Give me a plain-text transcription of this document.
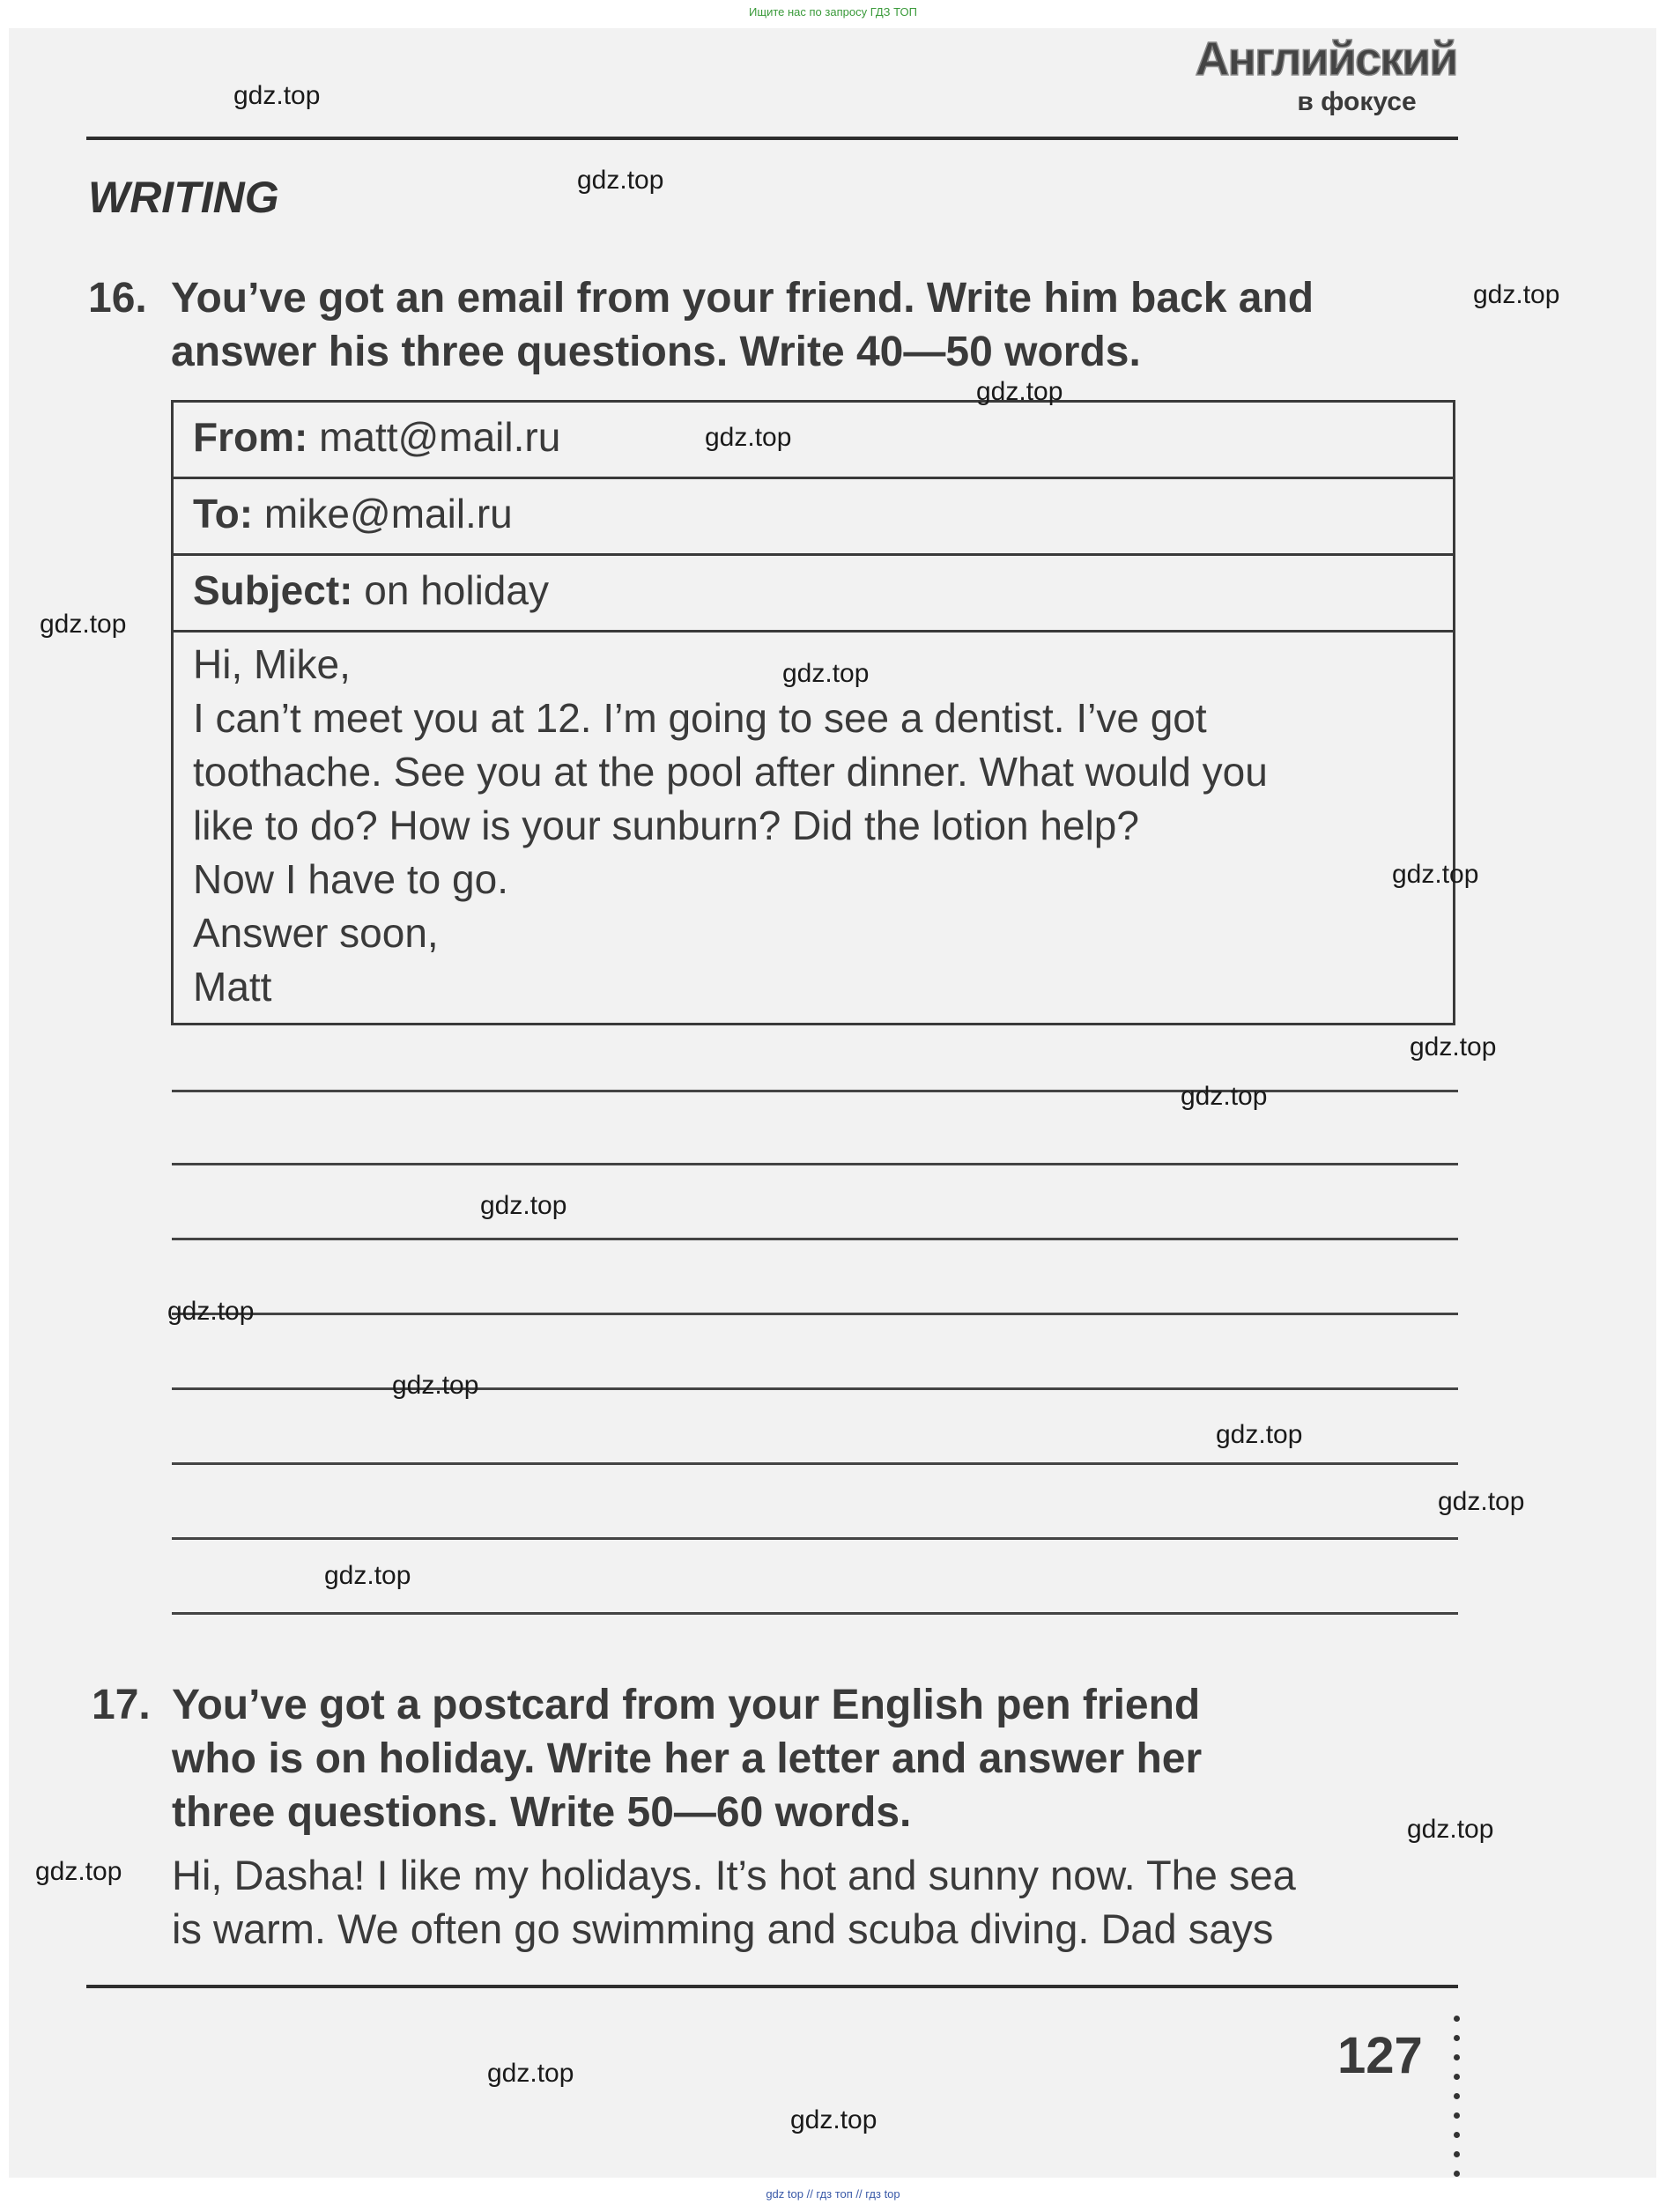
Ищите нас по запросу ГДЗ ТОП
Английский
в фокусе
WRITING
16. You’ve got an email from your friend. Write him back and
answer his three questions. Write 40—50 words.
From: matt@mail.ru
To: mike@mail.ru
Subject: on holiday
Hi, Mike,
I can’t meet you at 12. I’m going to see a dentist. I’ve got
toothache. See you at the pool after dinner. What would you
like to do? How is your sunburn? Did the lotion help?
Now I have to go.
Answer soon,
Matt
17. You’ve got a postcard from your English pen friend
who is on holiday. Write her a letter and answer her
three questions. Write 50—60 words.
Hi, Dasha! I like my holidays. It’s hot and sunny now. The sea
is warm. We often go swimming and scuba diving. Dad says
127
gdz.top
gdz.top
gdz.top
gdz.top
gdz.top
gdz.top
gdz.top
gdz.top
gdz.top
gdz.top
gdz.top
gdz.top
gdz.top
gdz.top
gdz.top
gdz.top
gdz.top
gdz.top
gdz.top
gdz.top
gdz top // гдз топ // гдз top
